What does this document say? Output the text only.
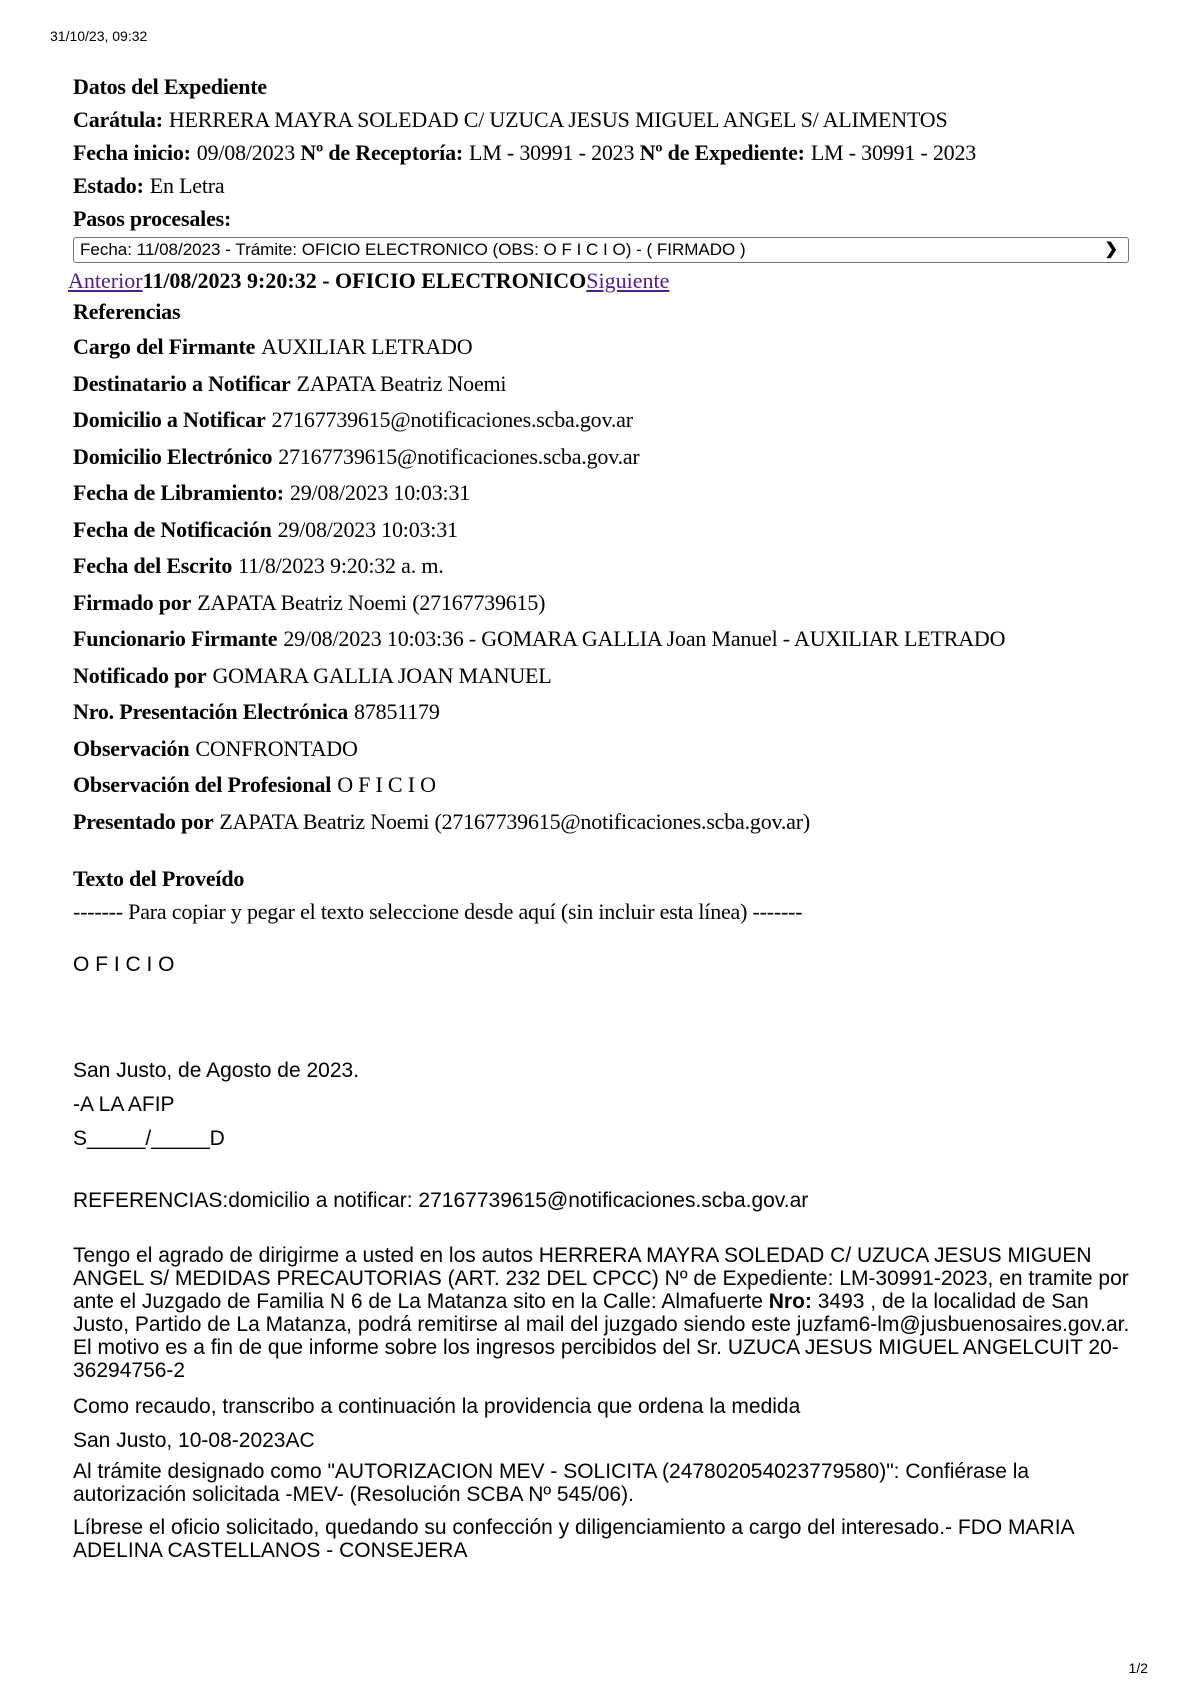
31/10/23, 09:32
Datos del Expediente
Carátula: HERRERA MAYRA SOLEDAD C/ UZUCA JESUS MIGUEL ANGEL S/ ALIMENTOS
Fecha inicio: 09/08/2023 Nº de Receptoría: LM - 30991 - 2023 Nº de Expediente: LM - 30991 - 2023
Estado: En Letra
Pasos procesales:
Fecha: 11/08/2023 - Trámite: OFICIO ELECTRONICO (OBS: O F I C I O) - ( FIRMADO )	❯
Anterior11/08/2023 9:20:32 - OFICIO ELECTRONICOSiguiente
Referencias
Cargo del Firmante AUXILIAR LETRADO
Destinatario a Notificar ZAPATA Beatriz Noemi
Domicilio a Notificar 27167739615@notificaciones.scba.gov.ar
Domicilio Electrónico 27167739615@notificaciones.scba.gov.ar
Fecha de Libramiento: 29/08/2023 10:03:31
Fecha de Notificación 29/08/2023 10:03:31
Fecha del Escrito 11/8/2023 9:20:32 a. m.
Firmado por ZAPATA Beatriz Noemi (27167739615)
Funcionario Firmante 29/08/2023 10:03:36 - GOMARA GALLIA Joan Manuel - AUXILIAR LETRADO
Notificado por GOMARA GALLIA JOAN MANUEL
Nro. Presentación Electrónica 87851179
Observación CONFRONTADO
Observación del Profesional O F I C I O
Presentado por ZAPATA Beatriz Noemi (27167739615@notificaciones.scba.gov.ar)
Texto del Proveído
------- Para copiar y pegar el texto seleccione desde aquí (sin incluir esta línea) -------
O F I C I O
San Justo, de Agosto de 2023.
-A LA AFIP
S_____/_____D
REFERENCIAS:domicilio a notificar: 27167739615@notificaciones.scba.gov.ar
Tengo el agrado de dirigirme a usted en los autos HERRERA MAYRA SOLEDAD C/ UZUCA JESUS MIGUEN ANGEL S/ MEDIDAS PRECAUTORIAS (ART. 232 DEL CPCC) Nº de Expediente: LM-30991-2023, en tramite por ante el Juzgado de Familia N 6 de La Matanza sito en la Calle: Almafuerte Nro: 3493 , de la localidad de San Justo, Partido de La Matanza, podrá remitirse al mail del juzgado siendo este juzfam6-lm@jusbuenosaires.gov.ar. El motivo es a fin de que informe sobre los ingresos percibidos del Sr. UZUCA JESUS MIGUEL ANGELCUIT 20-36294756-2
Como recaudo, transcribo a continuación la providencia que ordena la medida
San Justo, 10-08-2023AC
Al trámite designado como "AUTORIZACION MEV - SOLICITA (247802054023779580)": Confiérase la autorización solicitada -MEV- (Resolución SCBA Nº 545/06).
Líbrese el oficio solicitado, quedando su confección y diligenciamiento a cargo del interesado.- FDO MARIA ADELINA CASTELLANOS - CONSEJERA
1/2
